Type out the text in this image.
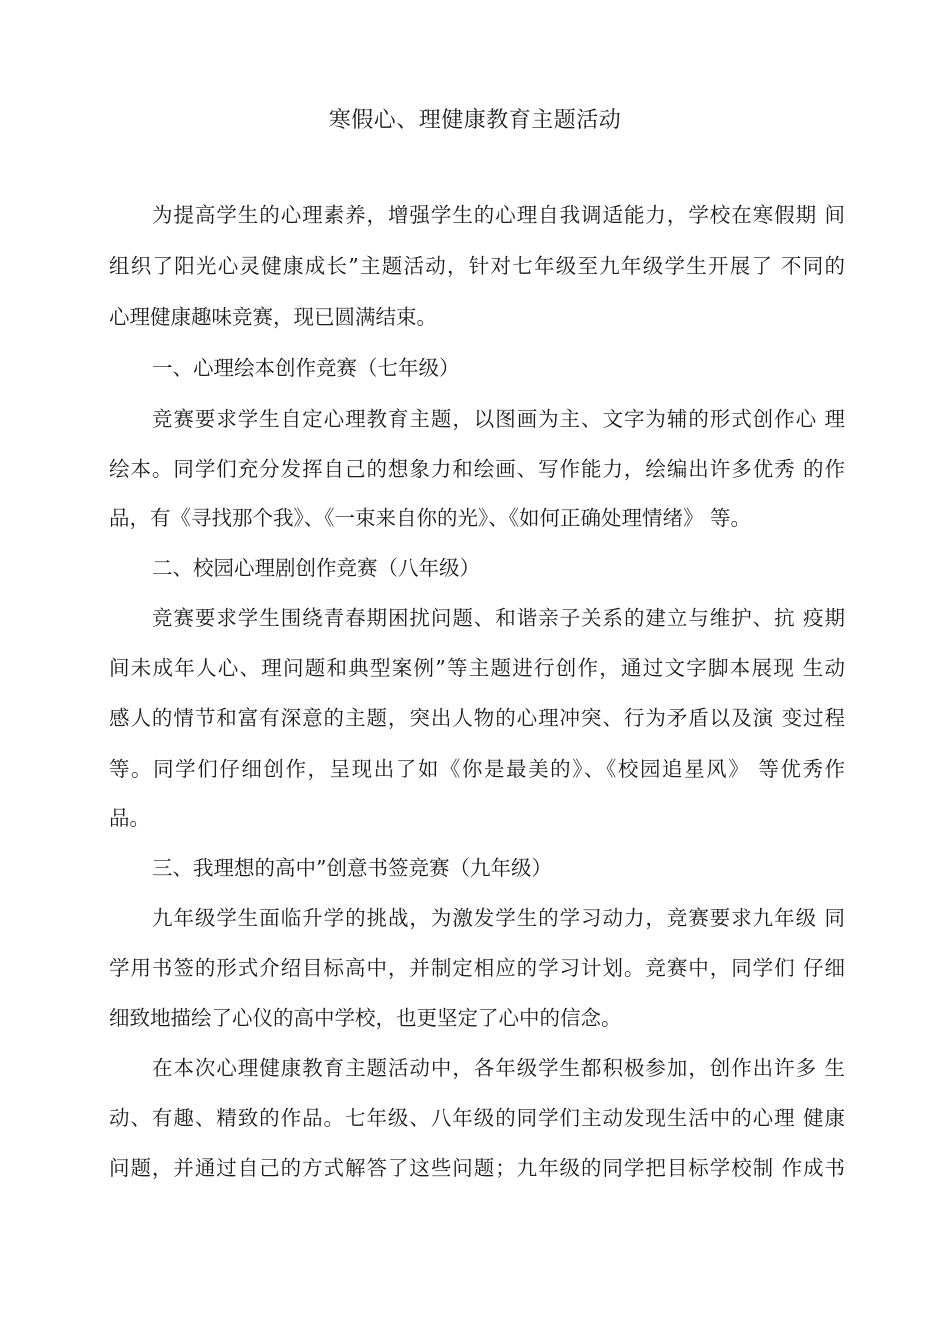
寒假心、理健康教育主题活动
为提高学生的心理素养，增强学生的心理自我调适能力，学校在寒假期 间
组织了阳光心灵健康成长”主题活动，针对七年级至九年级学生开展了 不同的
心理健康趣味竞赛，现已圆满结束。
一、心理绘本创作竞赛（七年级）
竞赛要求学生自定心理教育主题，以图画为主、文字为辅的形式创作心 理
绘本。同学们充分发挥自己的想象力和绘画、写作能力，绘编出许多优秀 的作
品，有《寻找那个我》、《一束来自你的光》、《如何正确处理情绪》 等。
二、校园心理剧创作竞赛（八年级）
竞赛要求学生围绕青春期困扰问题、和谐亲子关系的建立与维护、抗 疫期
间未成年人心、理问题和典型案例”等主题进行创作，通过文字脚本展现 生动
感人的情节和富有深意的主题，突出人物的心理冲突、行为矛盾以及演 变过程
等。同学们仔细创作，呈现出了如《你是最美的》、《校园追星风》 等优秀作
品。
三、我理想的高中”创意书签竞赛（九年级）
九年级学生面临升学的挑战，为激发学生的学习动力，竞赛要求九年级 同
学用书签的形式介绍目标高中，并制定相应的学习计划。竞赛中，同学们 仔细
细致地描绘了心仪的高中学校，也更坚定了心中的信念。
在本次心理健康教育主题活动中，各年级学生都积极参加，创作出许多 生
动、有趣、精致的作品。七年级、八年级的同学们主动发现生活中的心理 健康
问题，并通过自己的方式解答了这些问题；九年级的同学把目标学校制 作成书
